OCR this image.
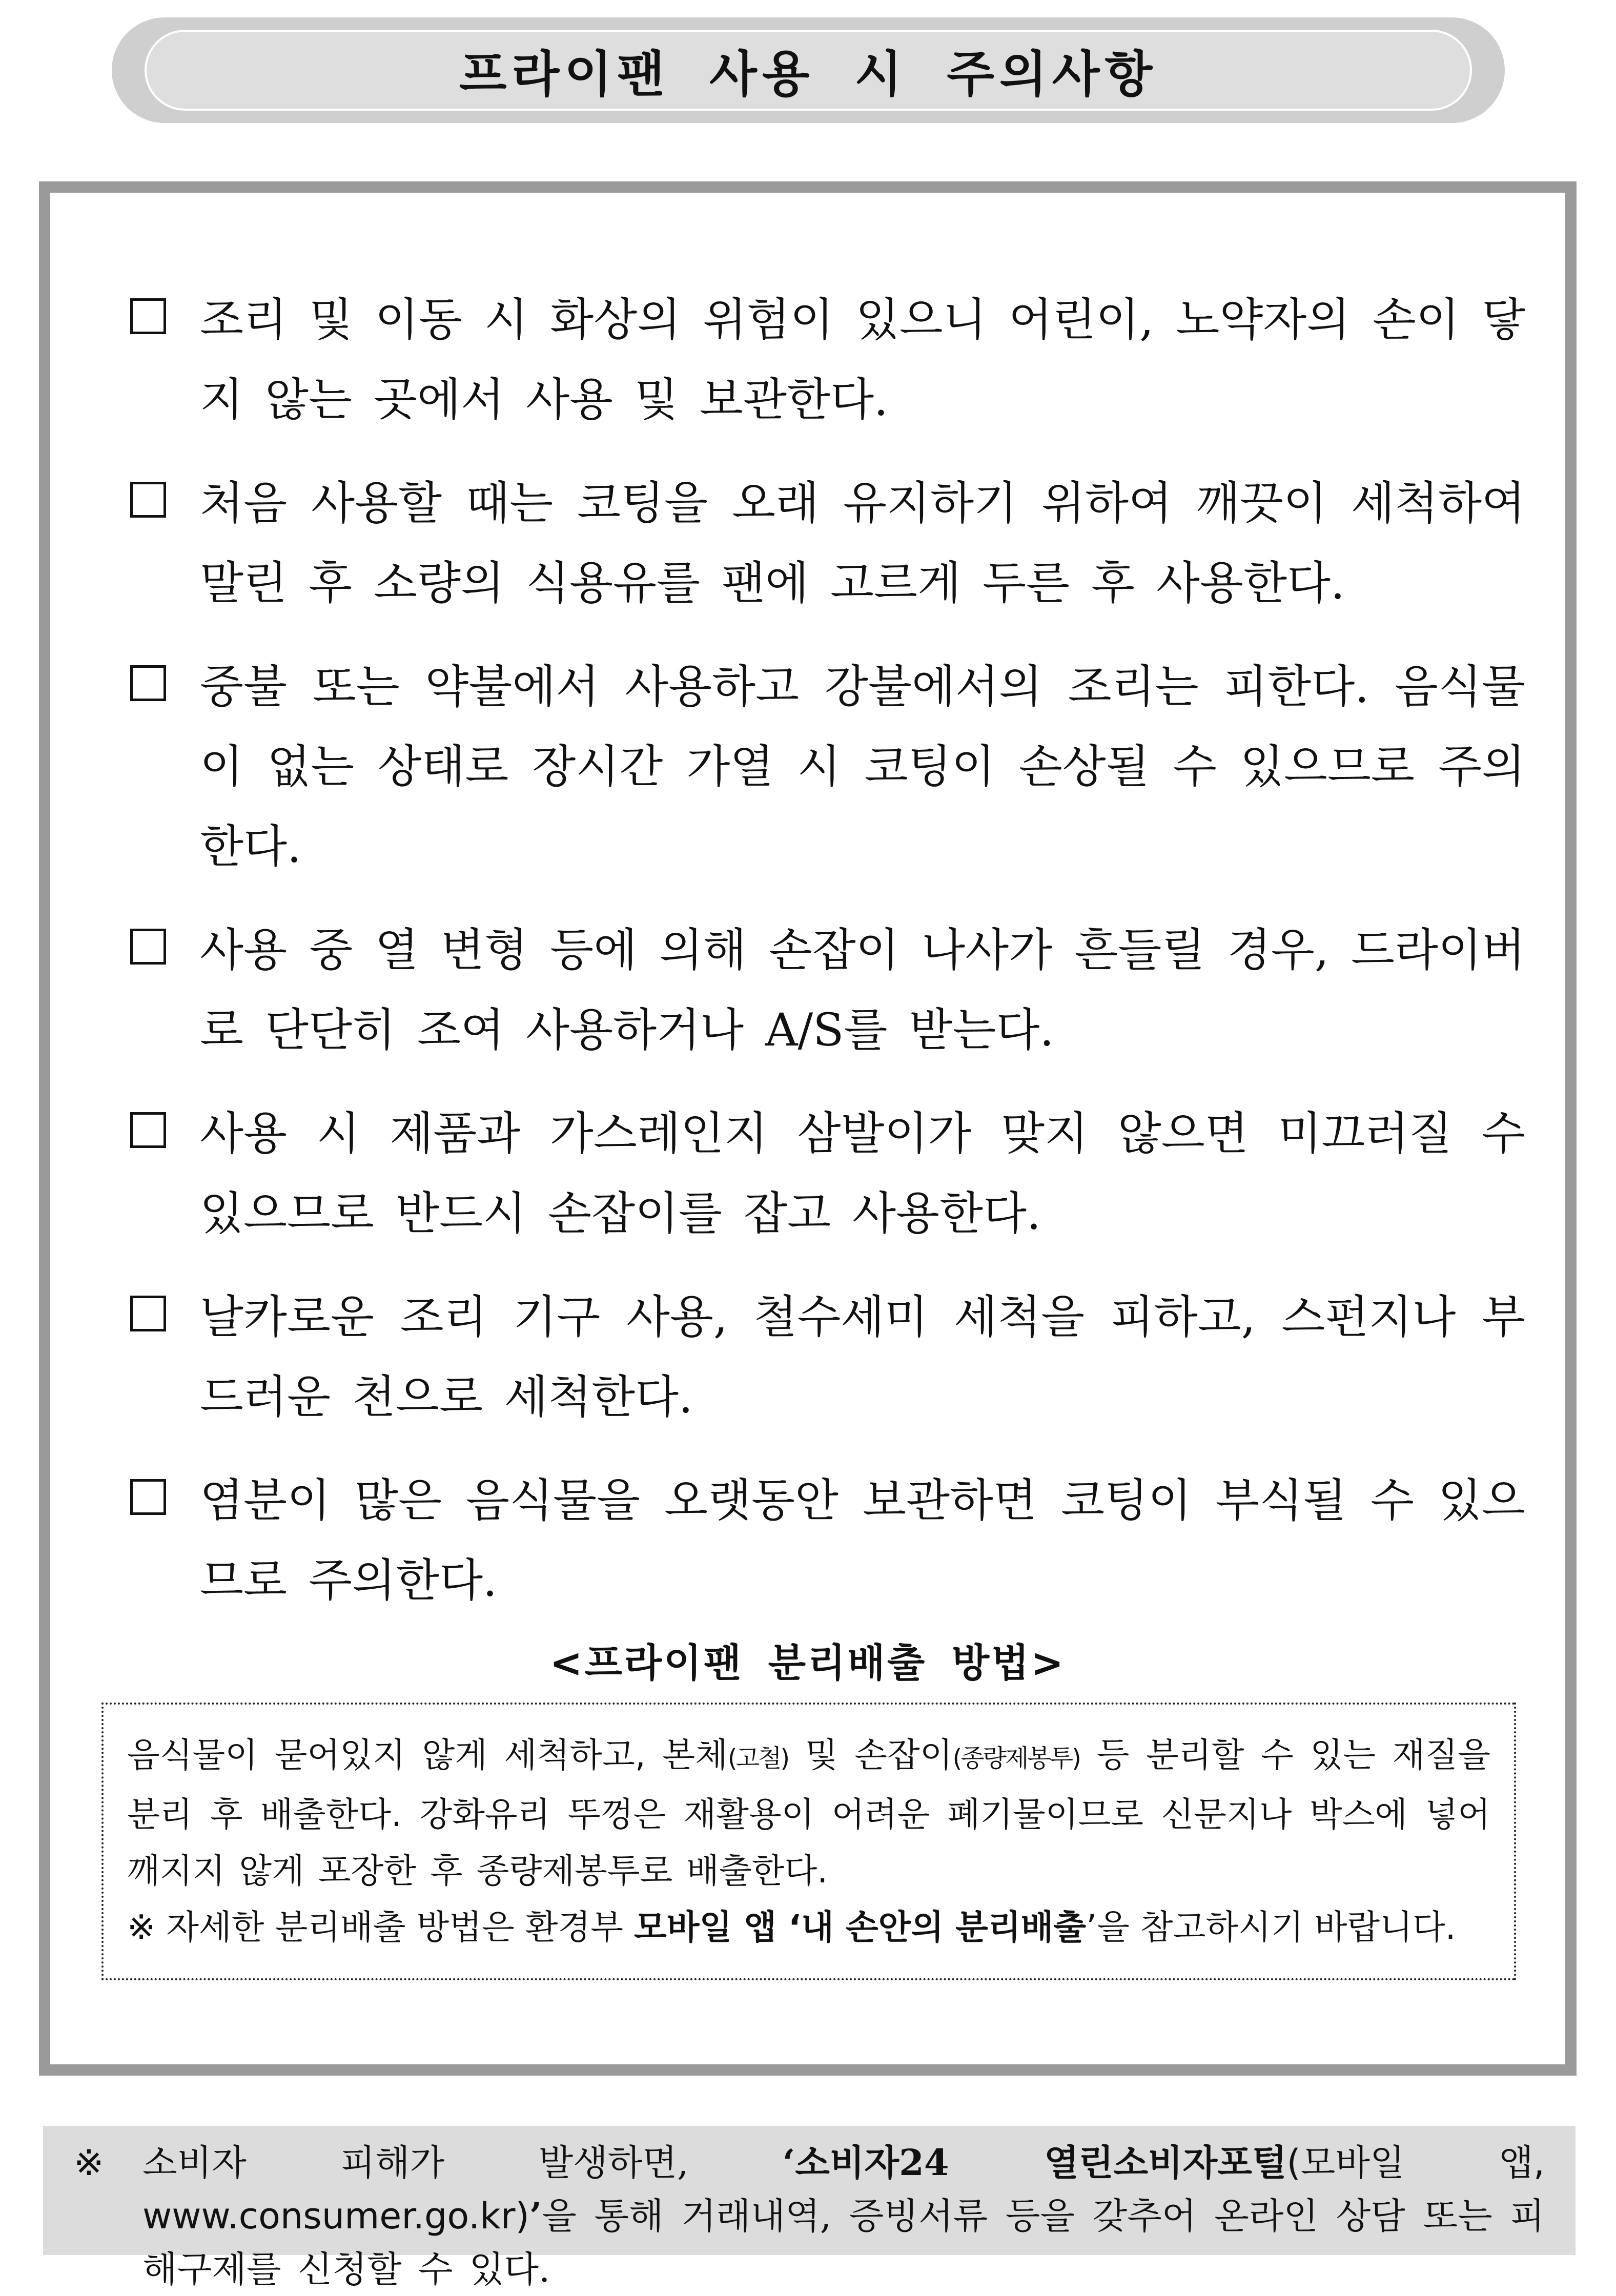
프라이팬 사용 시 주의사항
조리 및 이동 시 화상의 위험이 있으니 어린이, 노약자의 손이 닿지 않는 곳에서 사용 및 보관한다.
처음 사용할 때는 코팅을 오래 유지하기 위하여 깨끗이 세척하여 말린 후 소량의 식용유를 팬에 고르게 두른 후 사용한다.
중불 또는 약불에서 사용하고 강불에서의 조리는 피한다. 음식물이 없는 상태로 장시간 가열 시 코팅이 손상될 수 있으므로 주의한다.
사용 중 열 변형 등에 의해 손잡이 나사가 흔들릴 경우, 드라이버로 단단히 조여 사용하거나 A/S를 받는다.
사용 시 제품과 가스레인지 삼발이가 맞지 않으면 미끄러질 수 있으므로 반드시 손잡이를 잡고 사용한다.
날카로운 조리 기구 사용, 철수세미 세척을 피하고, 스펀지나 부드러운 천으로 세척한다.
염분이 많은 음식물을 오랫동안 보관하면 코팅이 부식될 수 있으므로 주의한다.
<프라이팬 분리배출 방법>

음식물이 묻어있지 않게 세척하고, 본체(고철) 및 손잡이(종량제봉투) 등 분리할 수 있는 재질을 분리 후 배출한다. 강화유리 뚜껑은 재활용이 어려운 폐기물이므로 신문지나 박스에 넣어 깨지지 않게 포장한 후 종량제봉투로 배출한다.

※ 자세한 분리배출 방법은 환경부 모바일 앱 ‘내 손안의 분리배출’을 참고하시기 바랍니다.

※ 소비자 피해가 발생하면, ‘소비자24 열린소비자포털(모바일 앱, www.consumer.go.kr)’을 통해 거래내역, 증빙서류 등을 갖추어 온라인 상담 또는 피해구제를 신청할 수 있다.
